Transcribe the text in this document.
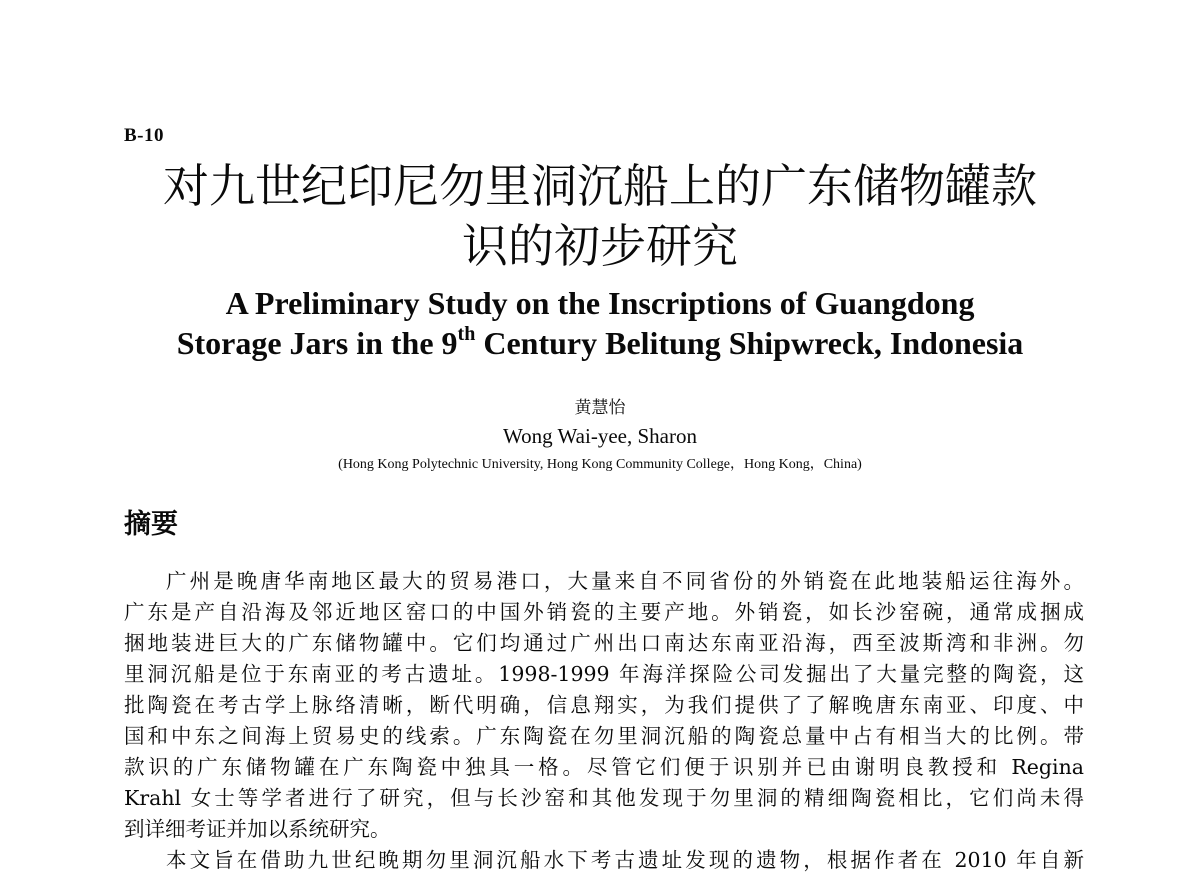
B-10
对九世纪印尼勿里洞沉船上的广东储物罐款
识的初步研究
A Preliminary Study on the Inscriptions of Guangdong
Storage Jars in the 9th Century Belitung Shipwreck, Indonesia
黄慧怡
Wong Wai-yee, Sharon
(Hong Kong Polytechnic University, Hong Kong Community College，Hong Kong，China)
摘要
广州是晚唐华南地区最大的贸易港口，大量来自不同省份的外销瓷在此地装船运往海外。
广东是产自沿海及邻近地区窑口的中国外销瓷的主要产地。外销瓷，如长沙窑碗，通常成捆成
捆地装进巨大的广东储物罐中。它们均通过广州出口南达东南亚沿海，西至波斯湾和非洲。勿
里洞沉船是位于东南亚的考古遗址。1998-1999 年海洋探险公司发掘出了大量完整的陶瓷，这
批陶瓷在考古学上脉络清晰，断代明确，信息翔实，为我们提供了了解晚唐东南亚、印度、中
国和中东之间海上贸易史的线索。广东陶瓷在勿里洞沉船的陶瓷总量中占有相当大的比例。带
款识的广东储物罐在广东陶瓷中独具一格。尽管它们便于识别并已由谢明良教授和 Regina
Krahl 女士等学者进行了研究，但与长沙窑和其他发现于勿里洞的精细陶瓷相比，它们尚未得
到详细考证并加以系统研究。
本文旨在借助九世纪晚期勿里洞沉船水下考古遗址发现的遗物，根据作者在 2010 年自新
